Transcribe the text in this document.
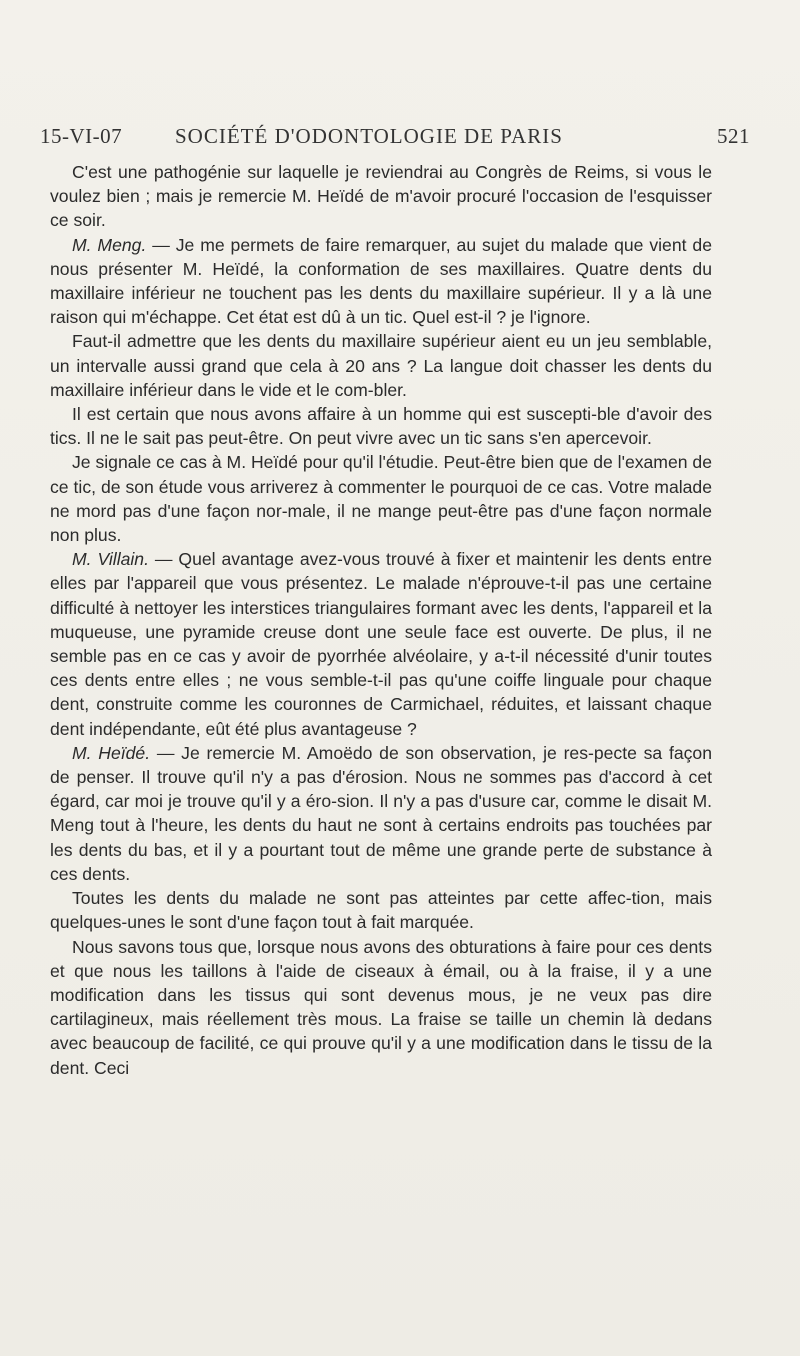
15-VI-07	SOCIÉTÉ D'ODONTOLOGIE DE PARIS	521

C'est une pathogénie sur laquelle je reviendrai au Congrès de Reims, si vous le voulez bien ; mais je remercie M. Heïdé de m'avoir procuré l'occasion de l'esquisser ce soir.

M. Meng. — Je me permets de faire remarquer, au sujet du malade que vient de nous présenter M. Heïdé, la conformation de ses maxillaires. Quatre dents du maxillaire inférieur ne touchent pas les dents du maxillaire supérieur. Il y a là une raison qui m'échappe. Cet état est dû à un tic. Quel est-il ? je l'ignore.

Faut-il admettre que les dents du maxillaire supérieur aient eu un jeu semblable, un intervalle aussi grand que cela à 20 ans ? La langue doit chasser les dents du maxillaire inférieur dans le vide et le com-bler.

Il est certain que nous avons affaire à un homme qui est suscepti-ble d'avoir des tics. Il ne le sait pas peut-être. On peut vivre avec un tic sans s'en apercevoir.

Je signale ce cas à M. Heïdé pour qu'il l'étudie. Peut-être bien que de l'examen de ce tic, de son étude vous arriverez à commenter le pourquoi de ce cas. Votre malade ne mord pas d'une façon nor-male, il ne mange peut-être pas d'une façon normale non plus.

M. Villain. — Quel avantage avez-vous trouvé à fixer et maintenir les dents entre elles par l'appareil que vous présentez. Le malade n'éprouve-t-il pas une certaine difficulté à nettoyer les interstices triangulaires formant avec les dents, l'appareil et la muqueuse, une pyramide creuse dont une seule face est ouverte. De plus, il ne semble pas en ce cas y avoir de pyorrhée alvéolaire, y a-t-il nécessité d'unir toutes ces dents entre elles ; ne vous semble-t-il pas qu'une coiffe linguale pour chaque dent, construite comme les couronnes de Carmichael, réduites, et laissant chaque dent indépendante, eût été plus avantageuse ?

M. Heïdé. — Je remercie M. Amoëdo de son observation, je res-pecte sa façon de penser. Il trouve qu'il n'y a pas d'érosion. Nous ne sommes pas d'accord à cet égard, car moi je trouve qu'il y a éro-sion. Il n'y a pas d'usure car, comme le disait M. Meng tout à l'heure, les dents du haut ne sont à certains endroits pas touchées par les dents du bas, et il y a pourtant tout de même une grande perte de substance à ces dents.

Toutes les dents du malade ne sont pas atteintes par cette affec-tion, mais quelques-unes le sont d'une façon tout à fait marquée.

Nous savons tous que, lorsque nous avons des obturations à faire pour ces dents et que nous les taillons à l'aide de ciseaux à émail, ou à la fraise, il y a une modification dans les tissus qui sont devenus mous, je ne veux pas dire cartilagineux, mais réellement très mous. La fraise se taille un chemin là dedans avec beaucoup de facilité, ce qui prouve qu'il y a une modification dans le tissu de la dent. Ceci
